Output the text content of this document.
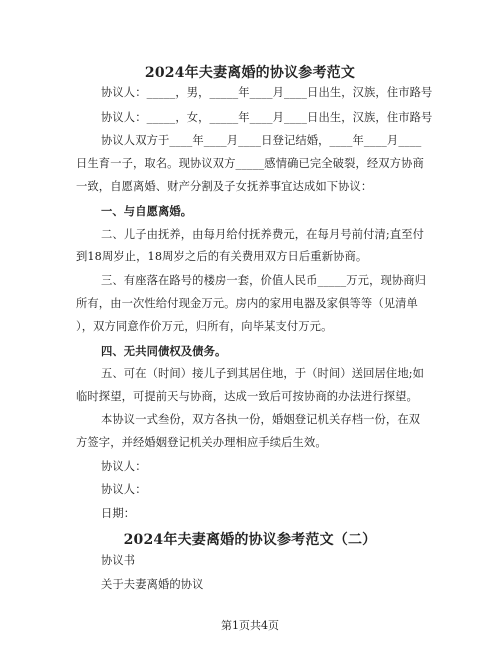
2024年夫妻离婚的协议参考范文
协议人：_____，男，_____年____月____日出生，汉族，住市路号
协议人：_____，女，_____年____月____日出生，汉族，住市路号
协议人双方于____年____月____日登记结婚，____年____月____
日生育一子，取名。现协议双方_____感情确已完全破裂，经双方协商
一致，自愿离婚、财产分割及子女抚养事宜达成如下协议：
一、与自愿离婚。
二、儿子由抚养，由每月给付抚养费元，在每月号前付清;直至付
到18周岁止，18周岁之后的有关费用双方日后重新协商。
三、有座落在路号的楼房一套，价值人民币_____万元，现协商归
所有，由一次性给付现金万元。房内的家用电器及家俱等等（见清单
），双方同意作价万元，归所有，向毕某支付万元。
四、无共同债权及债务。
五、可在（时间）接儿子到其居住地，于（时间）送回居住地;如
临时探望，可提前天与协商，达成一致后可按协商的办法进行探望。
本协议一式叁份，双方各执一份，婚姻登记机关存档一份，在双
方签字，并经婚姻登记机关办理相应手续后生效。
协议人：
协议人：
日期：
2024年夫妻离婚的协议参考范文（二）
协议书
关于夫妻离婚的协议
第1页共4页
